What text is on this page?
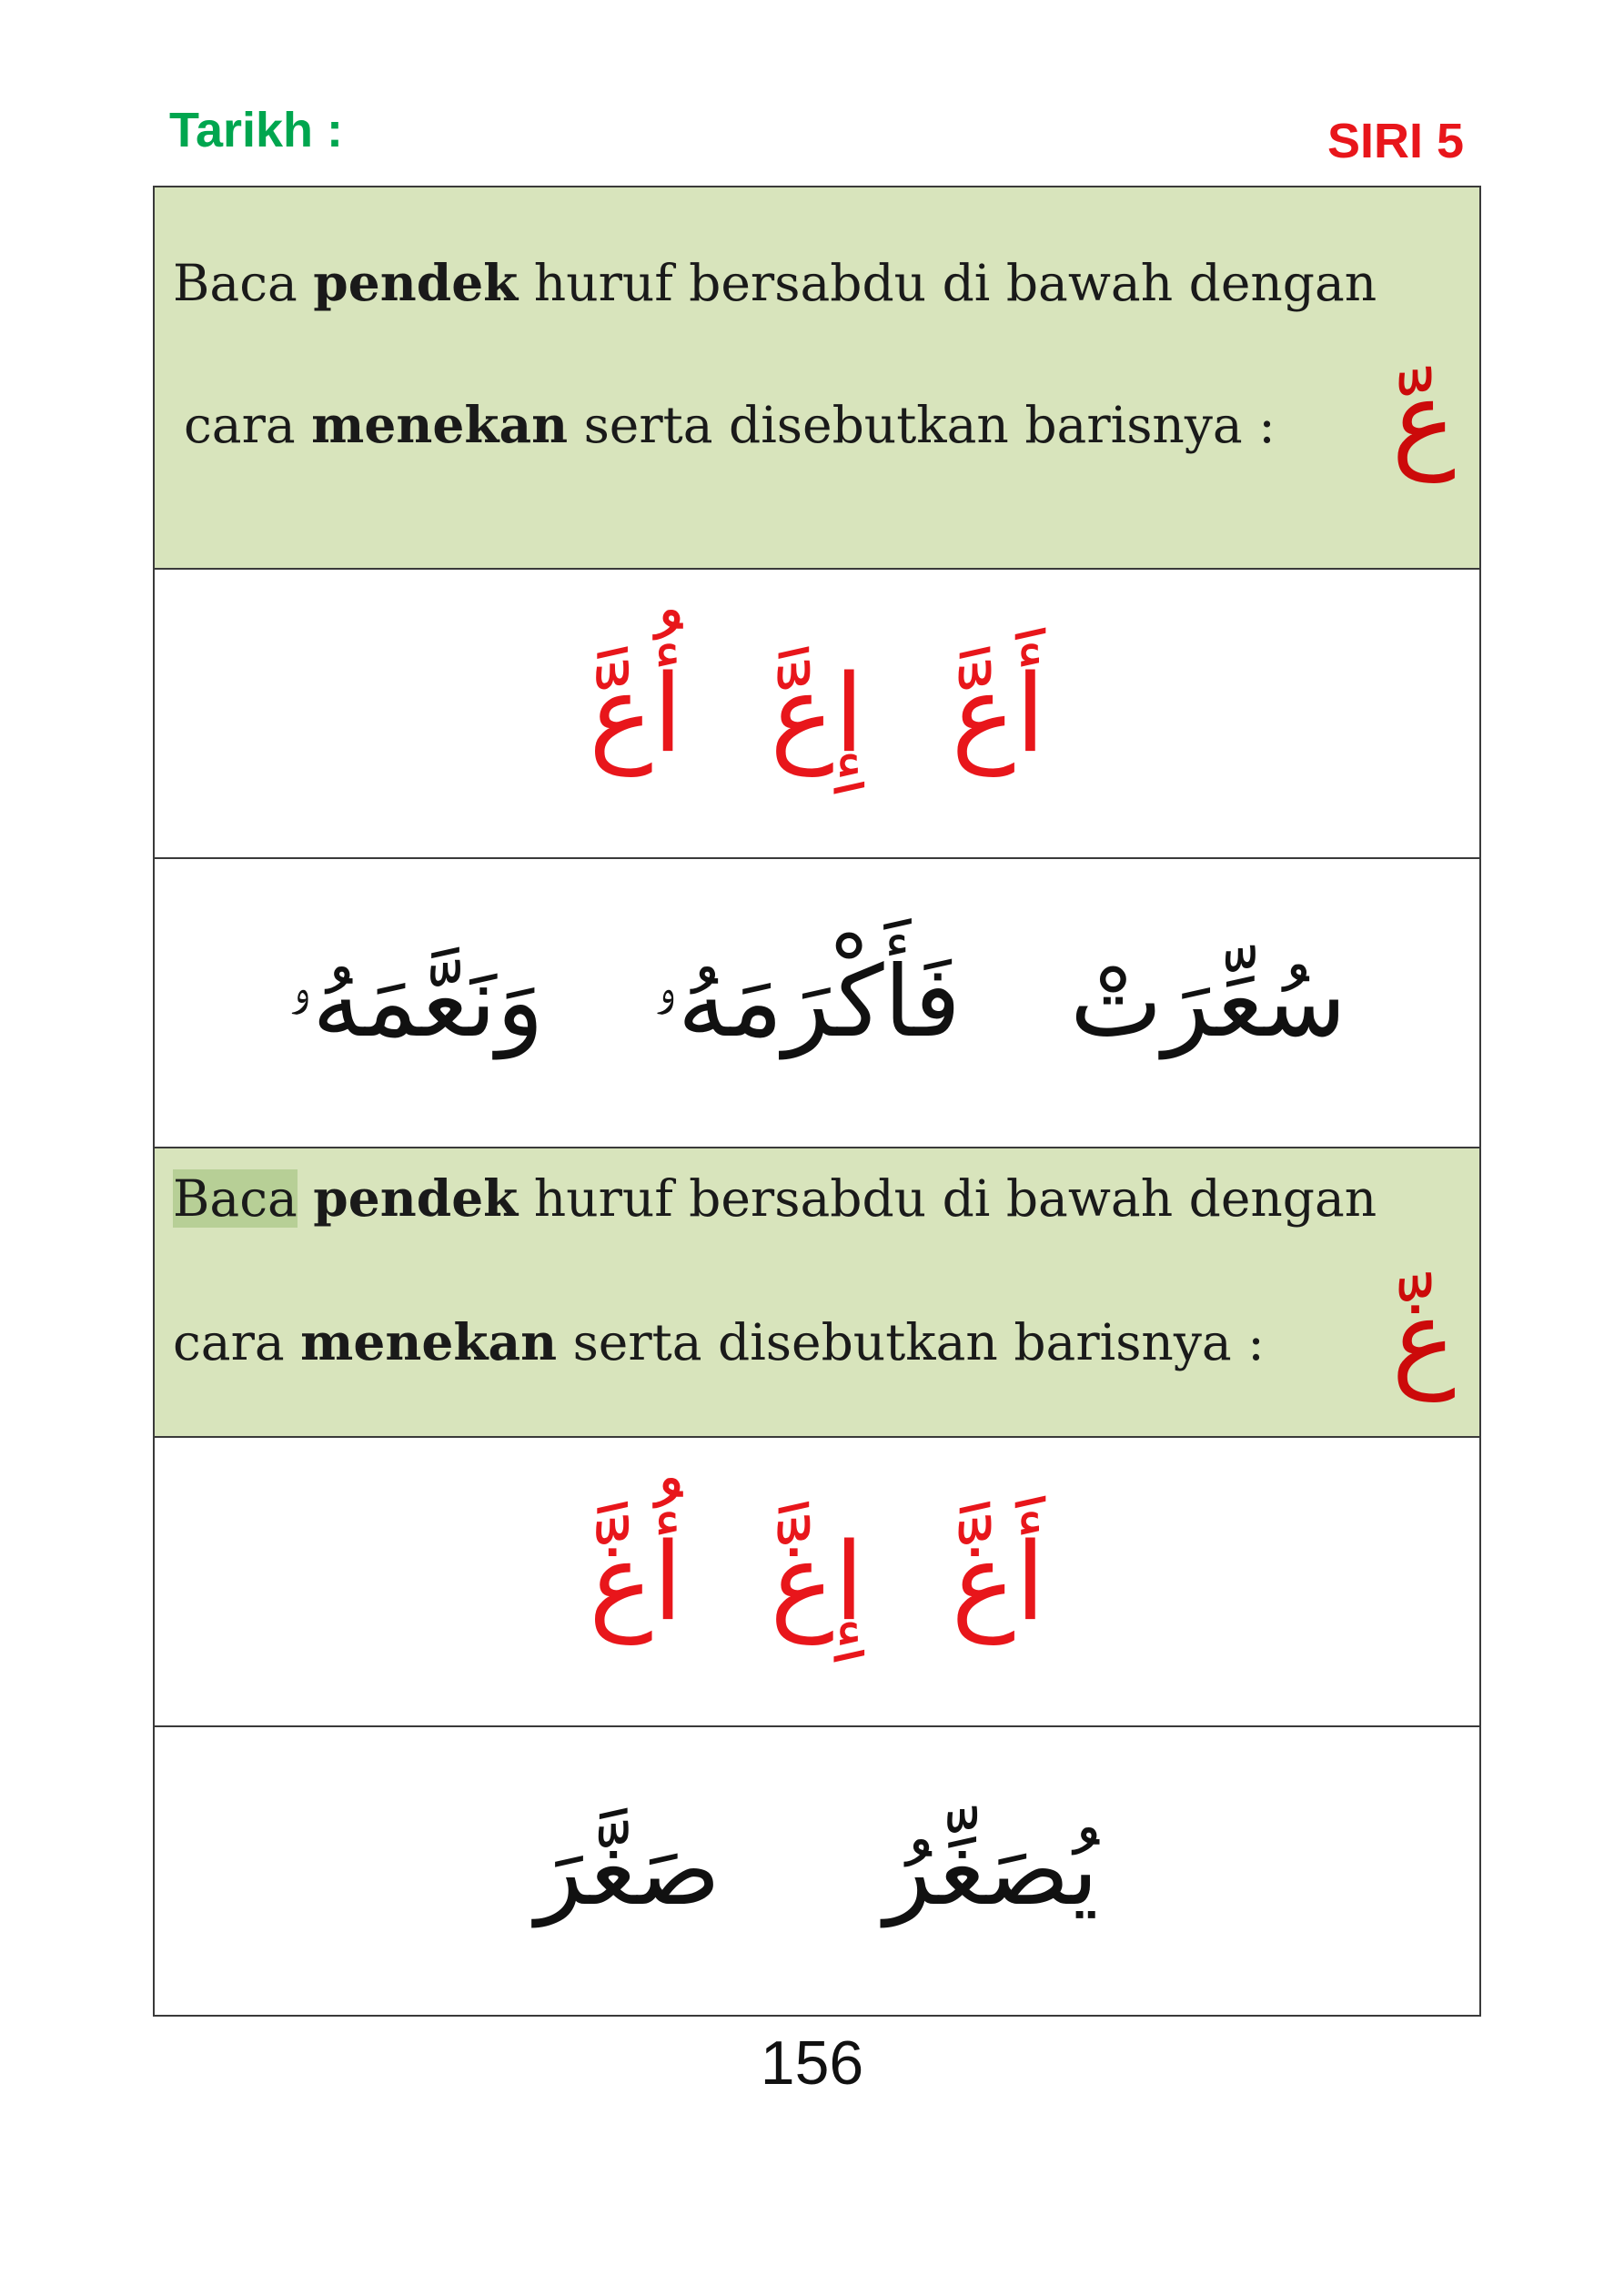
Tarikh :	SIRI 5
Baca pendek huruf bersabdu di bawah dengan
cara menekan serta disebutkan barisnya : عّ
أَعَّ
إِعَّ
أُعَّ
سُعِّرَتْ
فَأَكْرَمَهُۥ
وَنَعَّمَهُۥ
Baca pendek huruf bersabdu di bawah dengan
cara menekan serta disebutkan barisnya : غّ
أَغَّ
إِغَّ
أُغَّ
يُصَغِّرُ
صَغَّرَ
156
